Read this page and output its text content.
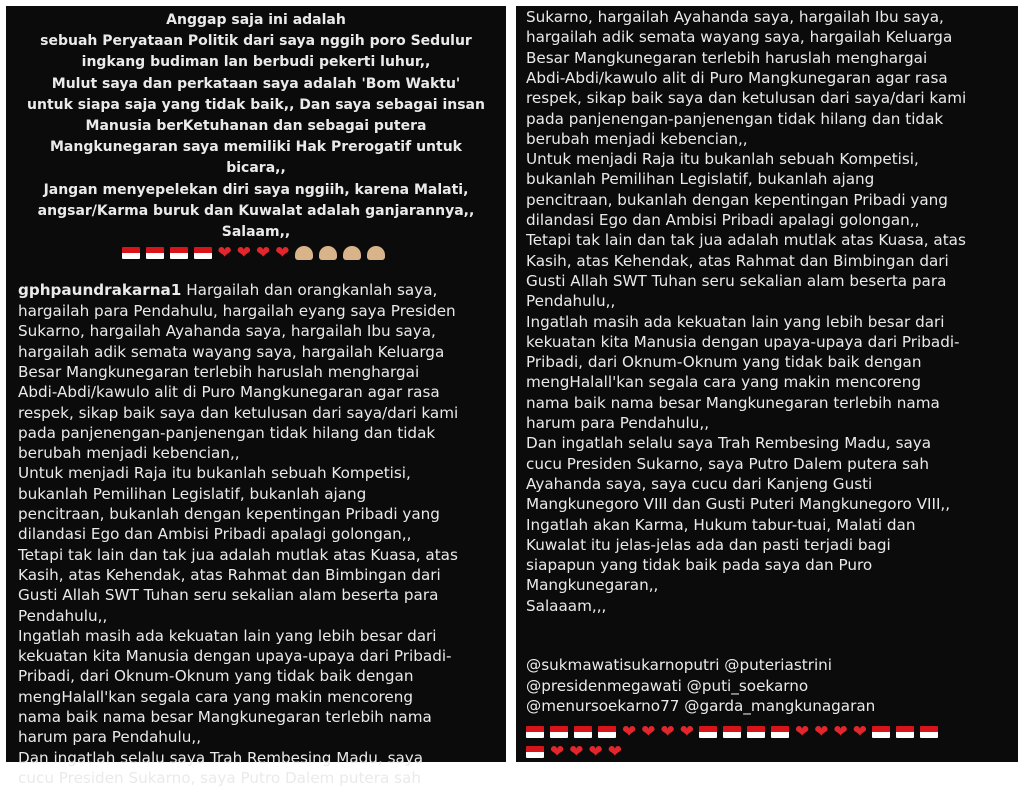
Anggap saja ini adalah
sebuah Peryataan Politik dari saya nggih poro Sedulur
ingkang budiman lan berbudi pekerti luhur,,
Mulut saya dan perkataan saya adalah 'Bom Waktu'
untuk siapa saja yang tidak baik,, Dan saya sebagai insan
Manusia berKetuhanan dan sebagai putera
Mangkunegaran saya memiliki Hak Prerogatif untuk
bicara,,
Jangan menyepelekan diri saya nggiih, karena Malati,
angsar/Karma buruk dan Kuwalat adalah ganjarannya,,
Salaam,,
❤ ❤ ❤ ❤
gphpaundrakarna1 Hargailah dan orangkanlah saya,
hargailah para Pendahulu, hargailah eyang saya Presiden
Sukarno, hargailah Ayahanda saya, hargailah Ibu saya,
hargailah adik semata wayang saya, hargailah Keluarga
Besar Mangkunegaran terlebih haruslah menghargai
Abdi-Abdi/kawulo alit di Puro Mangkunegaran agar rasa
respek, sikap baik saya dan ketulusan dari saya/dari kami
pada panjenengan-panjenengan tidak hilang dan tidak
berubah menjadi kebencian,,
Untuk menjadi Raja itu bukanlah sebuah Kompetisi,
bukanlah Pemilihan Legislatif, bukanlah ajang
pencitraan, bukanlah dengan kepentingan Pribadi yang
dilandasi Ego dan Ambisi Pribadi apalagi golongan,,
Tetapi tak lain dan tak jua adalah mutlak atas Kuasa, atas
Kasih, atas Kehendak, atas Rahmat dan Bimbingan dari
Gusti Allah SWT Tuhan seru sekalian alam beserta para
Pendahulu,,
Ingatlah masih ada kekuatan lain yang lebih besar dari
kekuatan kita Manusia dengan upaya-upaya dari Pribadi-
Pribadi, dari Oknum-Oknum yang tidak baik dengan
mengHalall'kan segala cara yang makin mencoreng
nama baik nama besar Mangkunegaran terlebih nama
harum para Pendahulu,,
Dan ingatlah selalu saya Trah Rembesing Madu, saya
cucu Presiden Sukarno, saya Putro Dalem putera sah
Sukarno, hargailah Ayahanda saya, hargailah Ibu saya,
hargailah adik semata wayang saya, hargailah Keluarga
Besar Mangkunegaran terlebih haruslah menghargai
Abdi-Abdi/kawulo alit di Puro Mangkunegaran agar rasa
respek, sikap baik saya dan ketulusan dari saya/dari kami
pada panjenengan-panjenengan tidak hilang dan tidak
berubah menjadi kebencian,,
Untuk menjadi Raja itu bukanlah sebuah Kompetisi,
bukanlah Pemilihan Legislatif, bukanlah ajang
pencitraan, bukanlah dengan kepentingan Pribadi yang
dilandasi Ego dan Ambisi Pribadi apalagi golongan,,
Tetapi tak lain dan tak jua adalah mutlak atas Kuasa, atas
Kasih, atas Kehendak, atas Rahmat dan Bimbingan dari
Gusti Allah SWT Tuhan seru sekalian alam beserta para
Pendahulu,,
Ingatlah masih ada kekuatan lain yang lebih besar dari
kekuatan kita Manusia dengan upaya-upaya dari Pribadi-
Pribadi, dari Oknum-Oknum yang tidak baik dengan
mengHalall'kan segala cara yang makin mencoreng
nama baik nama besar Mangkunegaran terlebih nama
harum para Pendahulu,,
Dan ingatlah selalu saya Trah Rembesing Madu, saya
cucu Presiden Sukarno, saya Putro Dalem putera sah
Ayahanda saya, saya cucu dari Kanjeng Gusti
Mangkunegoro VIII dan Gusti Puteri Mangkunegoro VIII,,
Ingatlah akan Karma, Hukum tabur-tuai, Malati dan
Kuwalat itu jelas-jelas ada dan pasti terjadi bagi
siapapun yang tidak baik pada saya dan Puro
Mangkunegaran,,
Salaaam,,,
@sukmawatisukarnoputri @puteriastrini
@presidenmegawati @puti_soekarno
@menursoekarno77 @garda_mangkunagaran
❤ ❤ ❤ ❤	❤ ❤ ❤ ❤
❤ ❤ ❤ ❤
